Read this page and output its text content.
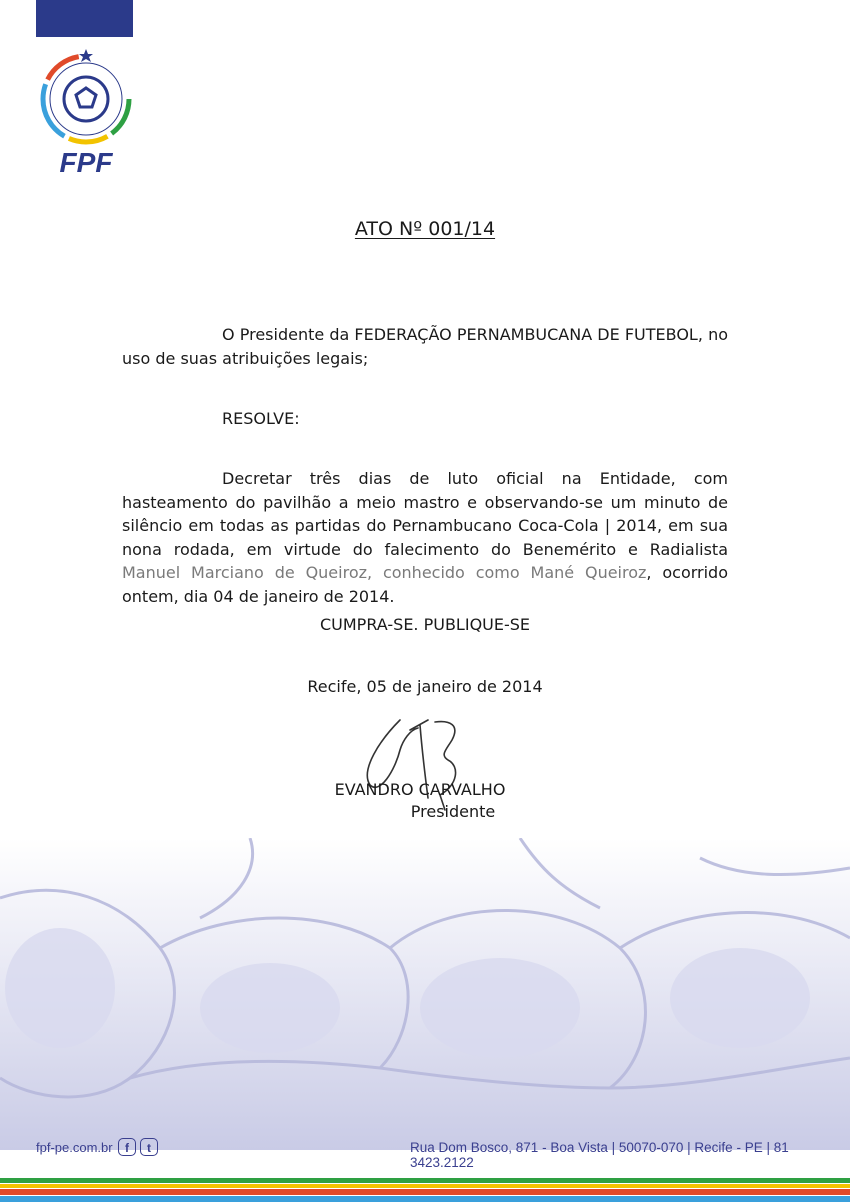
FPF
ATO Nº 001/14
O Presidente da FEDERAÇÃO PERNAMBUCANA DE FUTEBOL, no uso de suas atribuições legais;
RESOLVE:
Decretar três dias de luto oficial na Entidade, com hasteamento do pavilhão a meio mastro e observando-se um minuto de silêncio em todas as partidas do Pernambucano Coca-Cola | 2014, em sua nona rodada, em virtude do falecimento do Benemérito e Radialista Manuel Marciano de Queiroz, conhecido como Mané Queiroz, ocorrido ontem, dia 04 de janeiro de 2014.
CUMPRA-SE. PUBLIQUE-SE
Recife, 05 de janeiro de 2014
EVANDRO CARVALHO
Presidente
fpf-pe.com.br	f	t	Rua Dom Bosco, 871 - Boa Vista | 50070-070 | Recife - PE | 81 3423.2122
